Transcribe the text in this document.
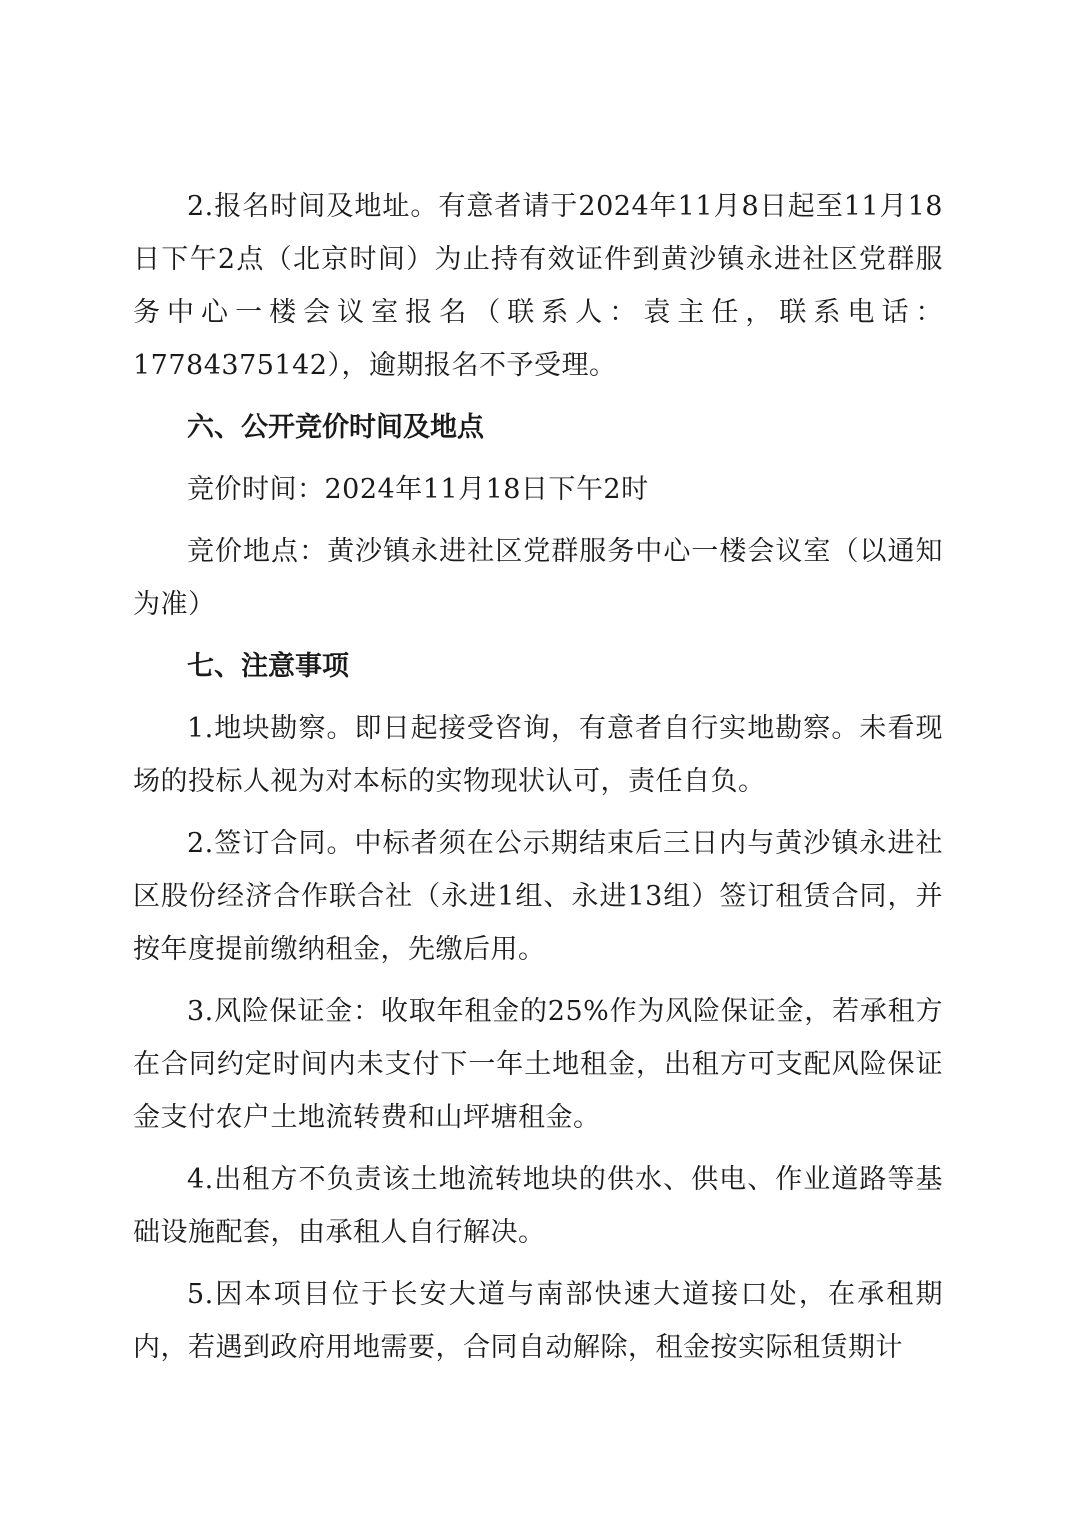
2.报名时间及地址。有意者请于2024年11月8日起至11月18日下午2点（北京时间）为止持有效证件到黄沙镇永进社区党群服务中心一楼会议室报名（联系人：袁主任，联系电话：17784375142），逾期报名不予受理。

六、公开竞价时间及地点

竞价时间：2024年11月18日下午2时

竞价地点：黄沙镇永进社区党群服务中心一楼会议室（以通知为准）

七、注意事项

1.地块勘察。即日起接受咨询，有意者自行实地勘察。未看现场的投标人视为对本标的实物现状认可，责任自负。

2.签订合同。中标者须在公示期结束后三日内与黄沙镇永进社区股份经济合作联合社（永进1组、永进13组）签订租赁合同，并按年度提前缴纳租金，先缴后用。

3.风险保证金：收取年租金的25%作为风险保证金，若承租方在合同约定时间内未支付下一年土地租金，出租方可支配风险保证金支付农户土地流转费和山坪塘租金。

4.出租方不负责该土地流转地块的供水、供电、作业道路等基础设施配套，由承租人自行解决。

5.因本项目位于长安大道与南部快速大道接口处，在承租期内，若遇到政府用地需要，合同自动解除，租金按实际租赁期计
